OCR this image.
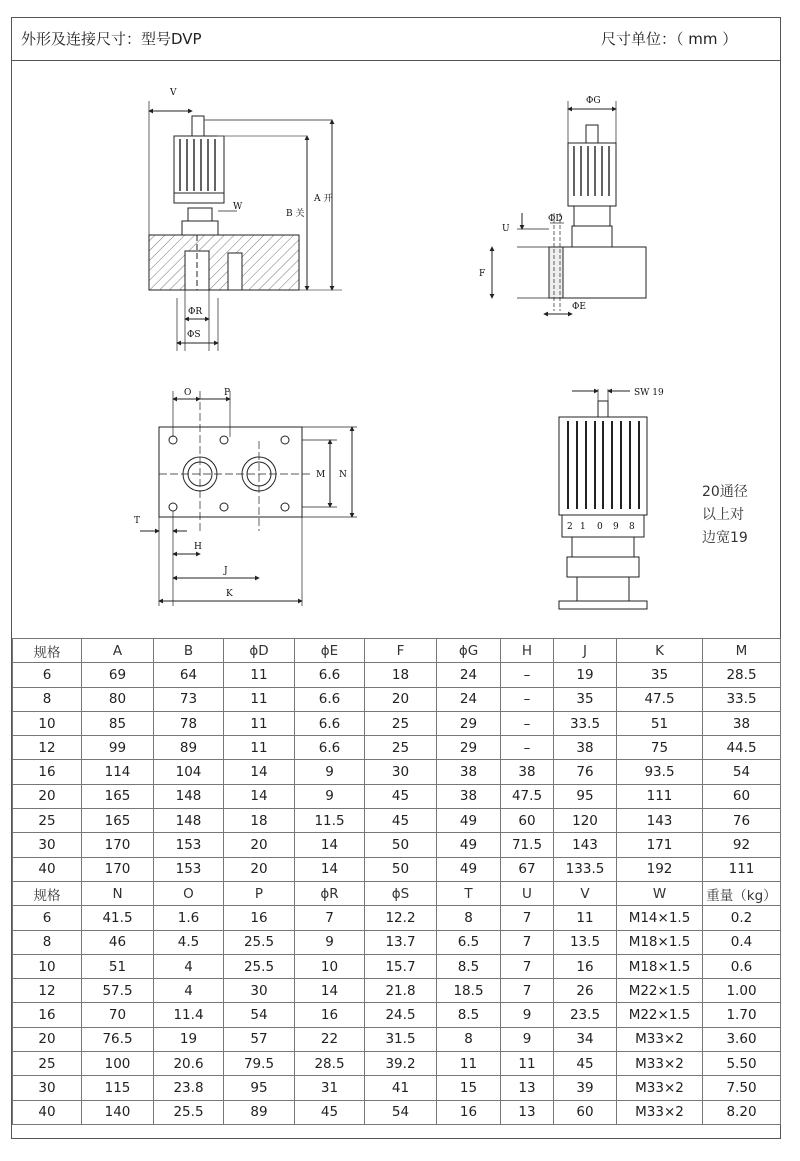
外形及连接尺寸：型号DVP	尺寸单位：（ mm ）
V
W
B 关
A 开
ΦR
ΦS
ΦG
ΦD
U
F
ΦE
O	P
M N
T
H
J
K
SW 19
2 1 0 9 8
20通径
以上对
边宽19
规格	A	B	ϕD	ϕE	F	ϕG	H	J	K	M
6	69	64	11	6.6	18	24	–	19	35	28.5
8	80	73	11	6.6	20	24	–	35	47.5	33.5
10	85	78	11	6.6	25	29	–	33.5	51	38
12	99	89	11	6.6	25	29	–	38	75	44.5
16	114	104	14	9	30	38	38	76	93.5	54
20	165	148	14	9	45	38	47.5	95	111	60
25	165	148	18	11.5	45	49	60	120	143	76
30	170	153	20	14	50	49	71.5	143	171	92
40	170	153	20	14	50	49	67	133.5	192	111
规格	N	O	P	ϕR	ϕS	T	U	V	W	重量（kg）
6	41.5	1.6	16	7	12.2	8	7	11	M14×1.5	0.2
8	46	4.5	25.5	9	13.7	6.5	7	13.5	M18×1.5	0.4
10	51	4	25.5	10	15.7	8.5	7	16	M18×1.5	0.6
12	57.5	4	30	14	21.8	18.5	7	26	M22×1.5	1.00
16	70	11.4	54	16	24.5	8.5	9	23.5	M22×1.5	1.70
20	76.5	19	57	22	31.5	8	9	34	M33×2	3.60
25	100	20.6	79.5	28.5	39.2	11	11	45	M33×2	5.50
30	115	23.8	95	31	41	15	13	39	M33×2	7.50
40	140	25.5	89	45	54	16	13	60	M33×2	8.20
